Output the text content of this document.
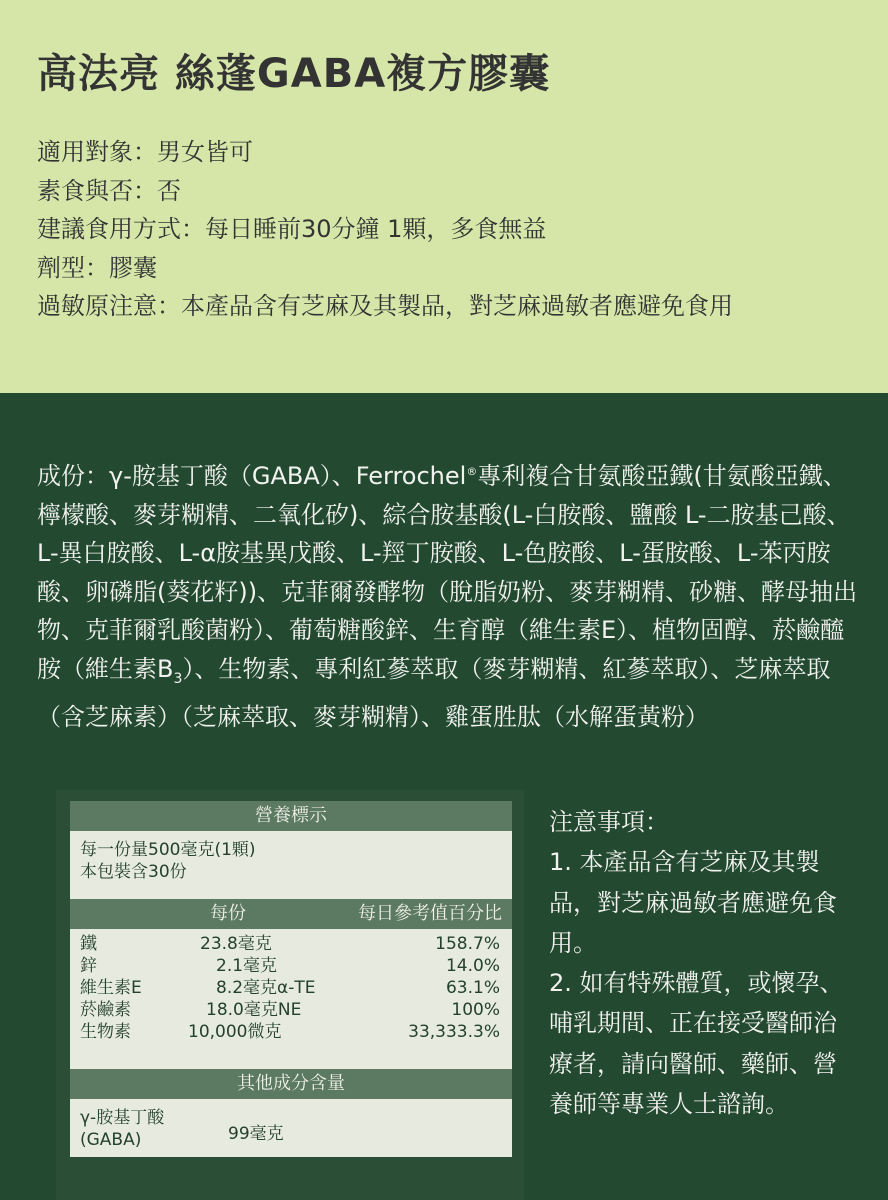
高法亮 絲蓬GABA複方膠囊
適用對象：男女皆可
素食與否：否
建議食用方式：每日睡前30分鐘 1顆，多食無益
劑型：膠囊
過敏原注意：本產品含有芝麻及其製品，對芝麻過敏者應避免食用
成份：γ-胺基丁酸（GABA）、Ferrochel®專利複合甘氨酸亞鐵(甘氨酸亞鐵、檸檬酸、麥芽糊精、二氧化矽)、綜合胺基酸(L-白胺酸、鹽酸 L-二胺基己酸、L-異白胺酸、L-α胺基異戊酸、L-羥丁胺酸、L-色胺酸、L-蛋胺酸、L-苯丙胺酸、卵磷脂(葵花籽))、克菲爾發酵物（脫脂奶粉、麥芽糊精、砂糖、酵母抽出物、克菲爾乳酸菌粉）、葡萄糖酸鋅、生育醇（維生素E）、植物固醇、菸鹼醯胺（維生素$B_3$）、生物素、專利紅蔘萃取（麥芽糊精、紅蔘萃取）、芝麻萃取（含芝麻素）（芝麻萃取、麥芽糊精）、雞蛋胜肽（水解蛋黃粉）
營養標示
每一份量500毫克(1顆)
本包裝含30份
每份	每日參考值百分比
鐵	23.8毫克	158.7%
鋅	2.1毫克	14.0%
維生素E	8.2毫克α-TE	63.1%
菸鹼素	18.0毫克NE	100%
生物素	10,000微克	33,333.3%
其他成分含量
γ-胺基丁酸
(GABA)	99毫克
注意事項：
1. 本產品含有芝麻及其製品，對芝麻過敏者應避免食用。
2. 如有特殊體質，或懷孕、哺乳期間、正在接受醫師治療者，請向醫師、藥師、營養師等專業人士諮詢。
